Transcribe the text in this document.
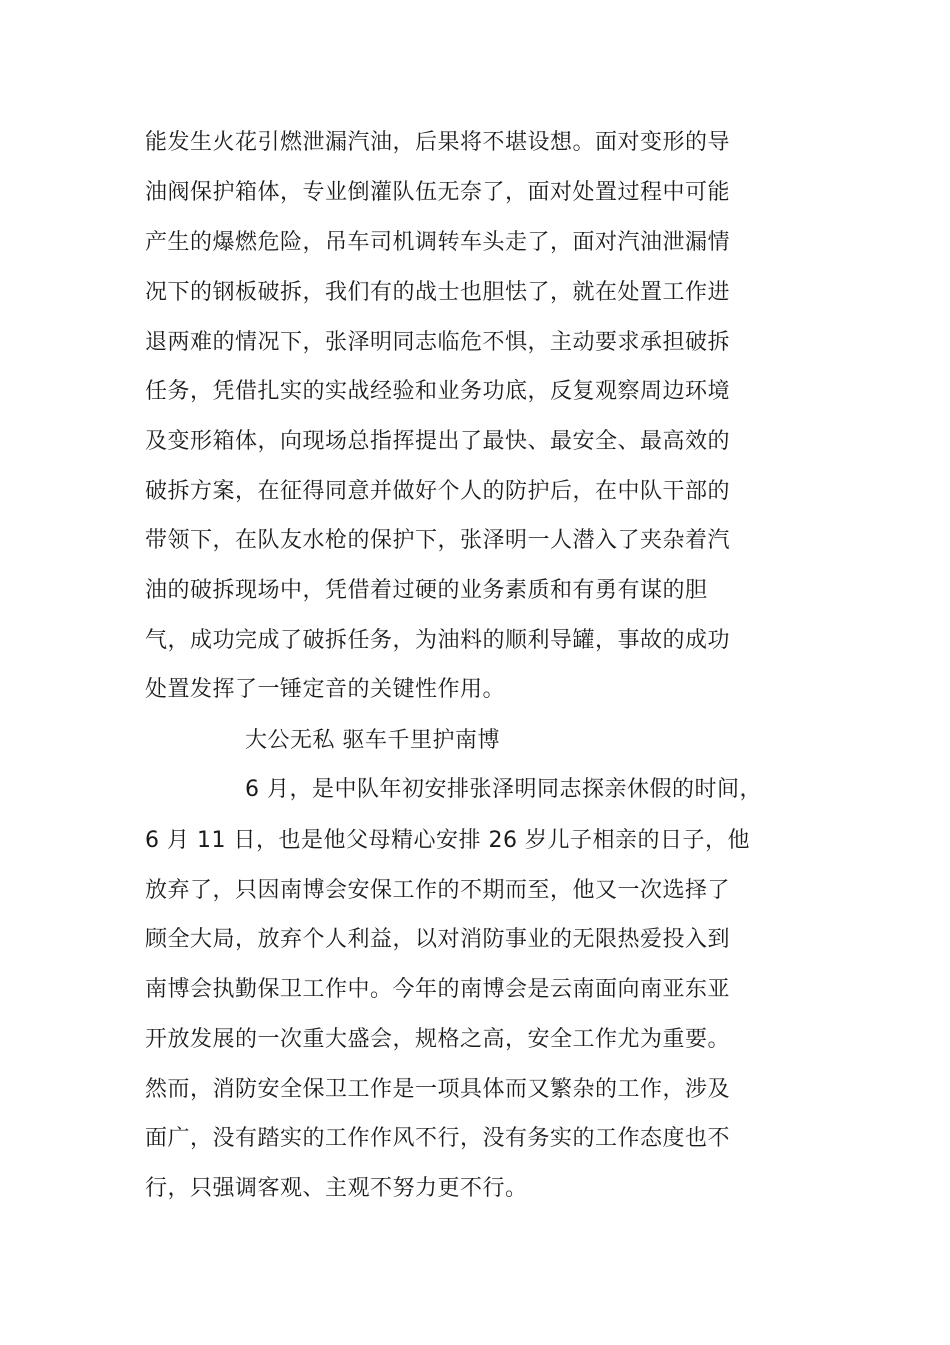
能发生火花引燃泄漏汽油，后果将不堪设想。面对变形的导
油阀保护箱体，专业倒灌队伍无奈了，面对处置过程中可能
产生的爆燃危险，吊车司机调转车头走了，面对汽油泄漏情
况下的钢板破拆，我们有的战士也胆怯了，就在处置工作进
退两难的情况下，张泽明同志临危不惧，主动要求承担破拆
任务，凭借扎实的实战经验和业务功底，反复观察周边环境
及变形箱体，向现场总指挥提出了最快、最安全、最高效的
破拆方案，在征得同意并做好个人的防护后，在中队干部的
带领下，在队友水枪的保护下，张泽明一人潜入了夹杂着汽
油的破拆现场中，凭借着过硬的业务素质和有勇有谋的胆
气，成功完成了破拆任务，为油料的顺利导罐，事故的成功
处置发挥了一锤定音的关键性作用。
大公无私 驱车千里护南博
6 月，是中队年初安排张泽明同志探亲休假的时间，
6 月 11 日，也是他父母精心安排 26 岁儿子相亲的日子，他
放弃了，只因南博会安保工作的不期而至，他又一次选择了
顾全大局，放弃个人利益，以对消防事业的无限热爱投入到
南博会执勤保卫工作中。今年的南博会是云南面向南亚东亚
开放发展的一次重大盛会，规格之高，安全工作尤为重要。
然而，消防安全保卫工作是一项具体而又繁杂的工作，涉及
面广，没有踏实的工作作风不行，没有务实的工作态度也不
行，只强调客观、主观不努力更不行。
